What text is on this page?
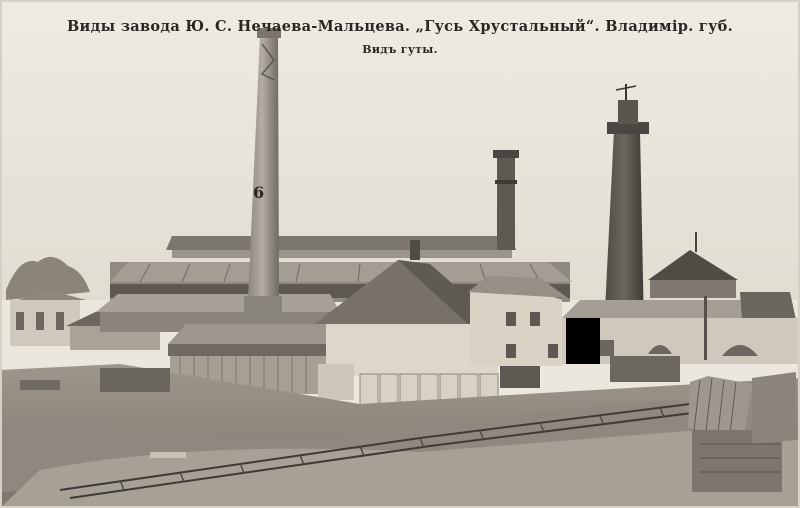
6
Виды завода Ю. С. Нечаева-Мальцева. „Гусь Хрустальный“. Владимір. губ.
Видъ гуты.
